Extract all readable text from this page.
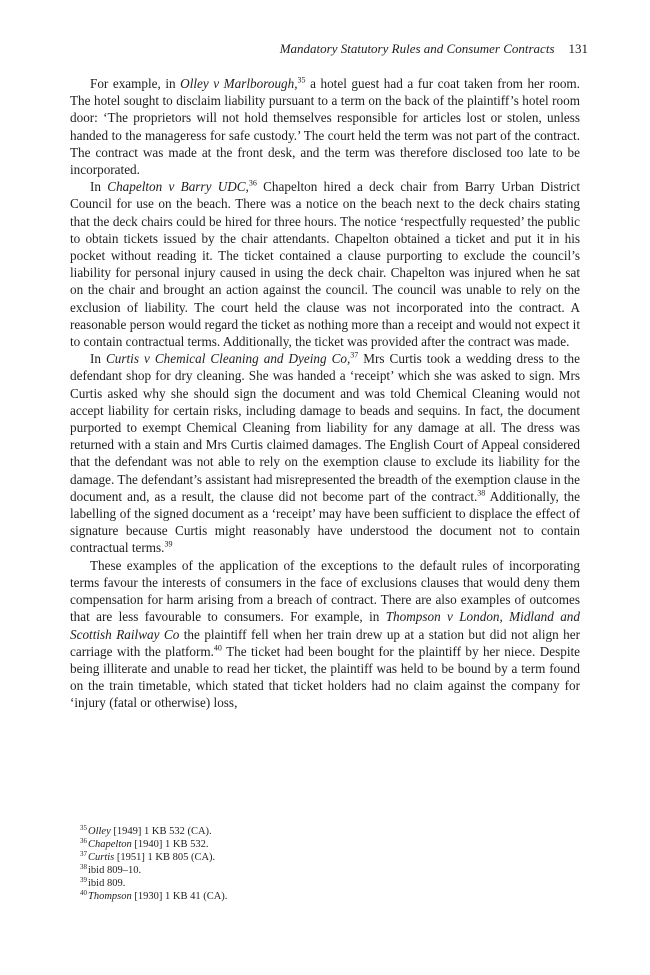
Mandatory Statutory Rules and Consumer Contracts 131

For example, in Olley v Marlborough,$^{35}$ a hotel guest had a fur coat taken from her room. The hotel sought to disclaim liability pursuant to a term on the back of the plaintiff’s hotel room door: ‘The proprietors will not hold themselves responsible for articles lost or stolen, unless handed to the manageress for safe custody.’ The court held the term was not part of the contract. The contract was made at the front desk, and the term was therefore disclosed too late to be incorporated.

In Chapelton v Barry UDC,$^{36}$ Chapelton hired a deck chair from Barry Urban District Council for use on the beach. There was a notice on the beach next to the deck chairs stating that the deck chairs could be hired for three hours. The notice ‘respectfully requested’ the public to obtain tickets issued by the chair attendants. Chapelton obtained a ticket and put it in his pocket without reading it. The ticket contained a clause purporting to exclude the council’s liability for personal injury caused in using the deck chair. Chapelton was injured when he sat on the chair and brought an action against the council. The council was unable to rely on the exclusion of liability. The court held the clause was not incorporated into the contract. A reasonable person would regard the ticket as nothing more than a receipt and would not expect it to contain contractual terms. Additionally, the ticket was provided after the contract was made.

In Curtis v Chemical Cleaning and Dyeing Co,$^{37}$ Mrs Curtis took a wedding dress to the defendant shop for dry cleaning. She was handed a ‘receipt’ which she was asked to sign. Mrs Curtis asked why she should sign the document and was told Chemical Cleaning would not accept liability for certain risks, including damage to beads and sequins. In fact, the document purported to exempt Chemical Cleaning from liability for any damage at all. The dress was returned with a stain and Mrs Curtis claimed damages. The English Court of Appeal considered that the defendant was not able to rely on the exemption clause to exclude its liability for the damage. The defendant’s assistant had misrepresented the breadth of the exemption clause in the document and, as a result, the clause did not become part of the contract.$^{38}$ Additionally, the labelling of the signed document as a ‘receipt’ may have been sufficient to displace the effect of signature because Curtis might reasonably have understood the document not to contain contractual terms.$^{39}$

These examples of the application of the exceptions to the default rules of incorporating terms favour the interests of consumers in the face of exclusions clauses that would deny them compensation for harm arising from a breach of contract. There are also examples of outcomes that are less favourable to consumers. For example, in Thompson v London, Midland and Scottish Railway Co the plaintiff fell when her train drew up at a station but did not align her carriage with the platform.$^{40}$ The ticket had been bought for the plaintiff by her niece. Despite being illiterate and unable to read her ticket, the plaintiff was held to be bound by a term found on the train timetable, which stated that ticket holders had no claim against the company for ‘injury (fatal or otherwise) loss,

$^{35}$Olley [1949] 1 KB 532 (CA).
$^{36}$Chapelton [1940] 1 KB 532.
$^{37}$Curtis [1951] 1 KB 805 (CA).
$^{38}$ibid 809–10.
$^{39}$ibid 809.
$^{40}$Thompson [1930] 1 KB 41 (CA).
